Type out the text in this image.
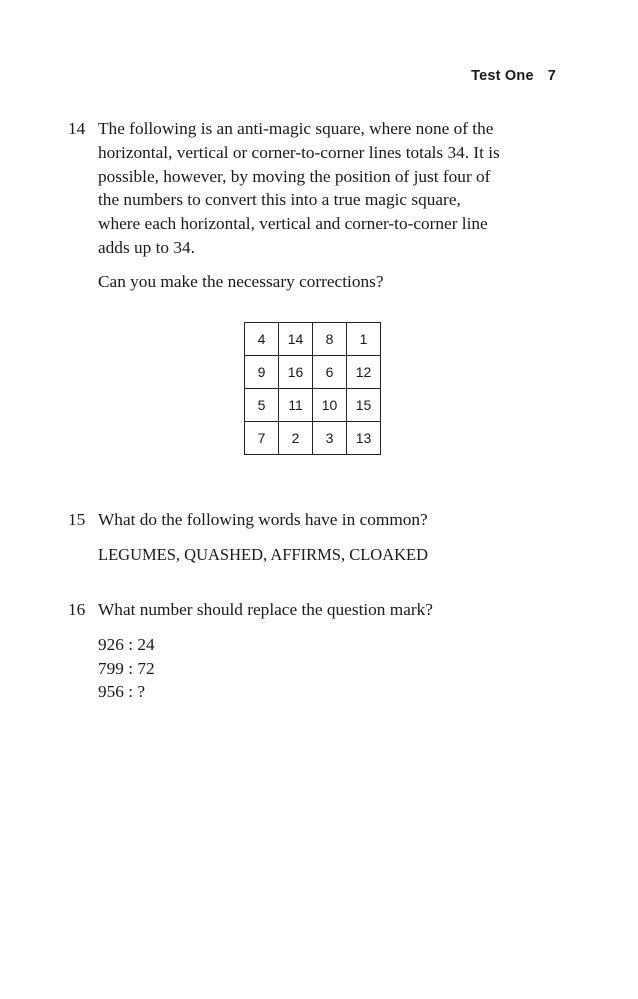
Test One 7
14 The following is an anti-magic square, where none of the
horizontal, vertical or corner-to-corner lines totals 34. It is
possible, however, by moving the position of just four of
the numbers to convert this into a true magic square,
where each horizontal, vertical and corner-to-corner line
adds up to 34.

Can you make the necessary corrections?

4	14	8	1
9	16	6	12
5	11	10	15
7	2	3	13
15 What do the following words have in common?

LEGUMES, QUASHED, AFFIRMS, CLOAKED

16 What number should replace the question mark?

926 : 24
799 : 72
956 : ?
